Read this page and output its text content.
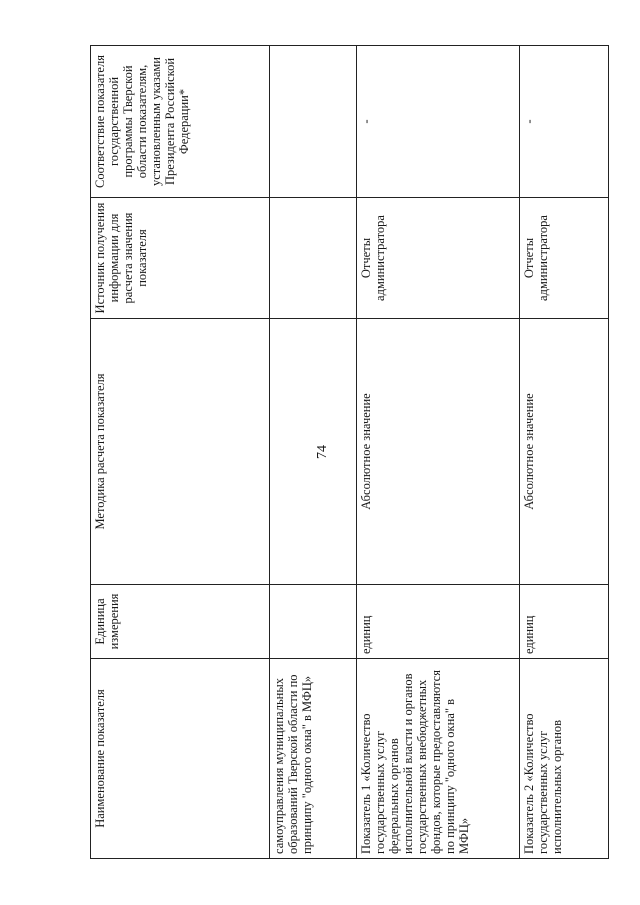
74
Наименование показателя	Единица измерения	Методика расчета показателя	Источник получения информации для расчета значения показателя	Соответствие показателя государственной программы Тверской области показателям, установленным указами Президента Российской Федерации*
самоуправления муниципальных образований Тверской области по принципу "одного окна" в МФЦ»				
Показатель 1 «Количество государственных услуг федеральных органов исполнительной власти и органов государственных внебюджетных фондов, которые предоставляются по принципу "одного окна" в МФЦ»	единиц	Абсолютное значение	Отчеты администратора	-
Показатель 2 «Количество государственных услуг исполнительных органов	единиц	Абсолютное значение	Отчеты администратора	-
